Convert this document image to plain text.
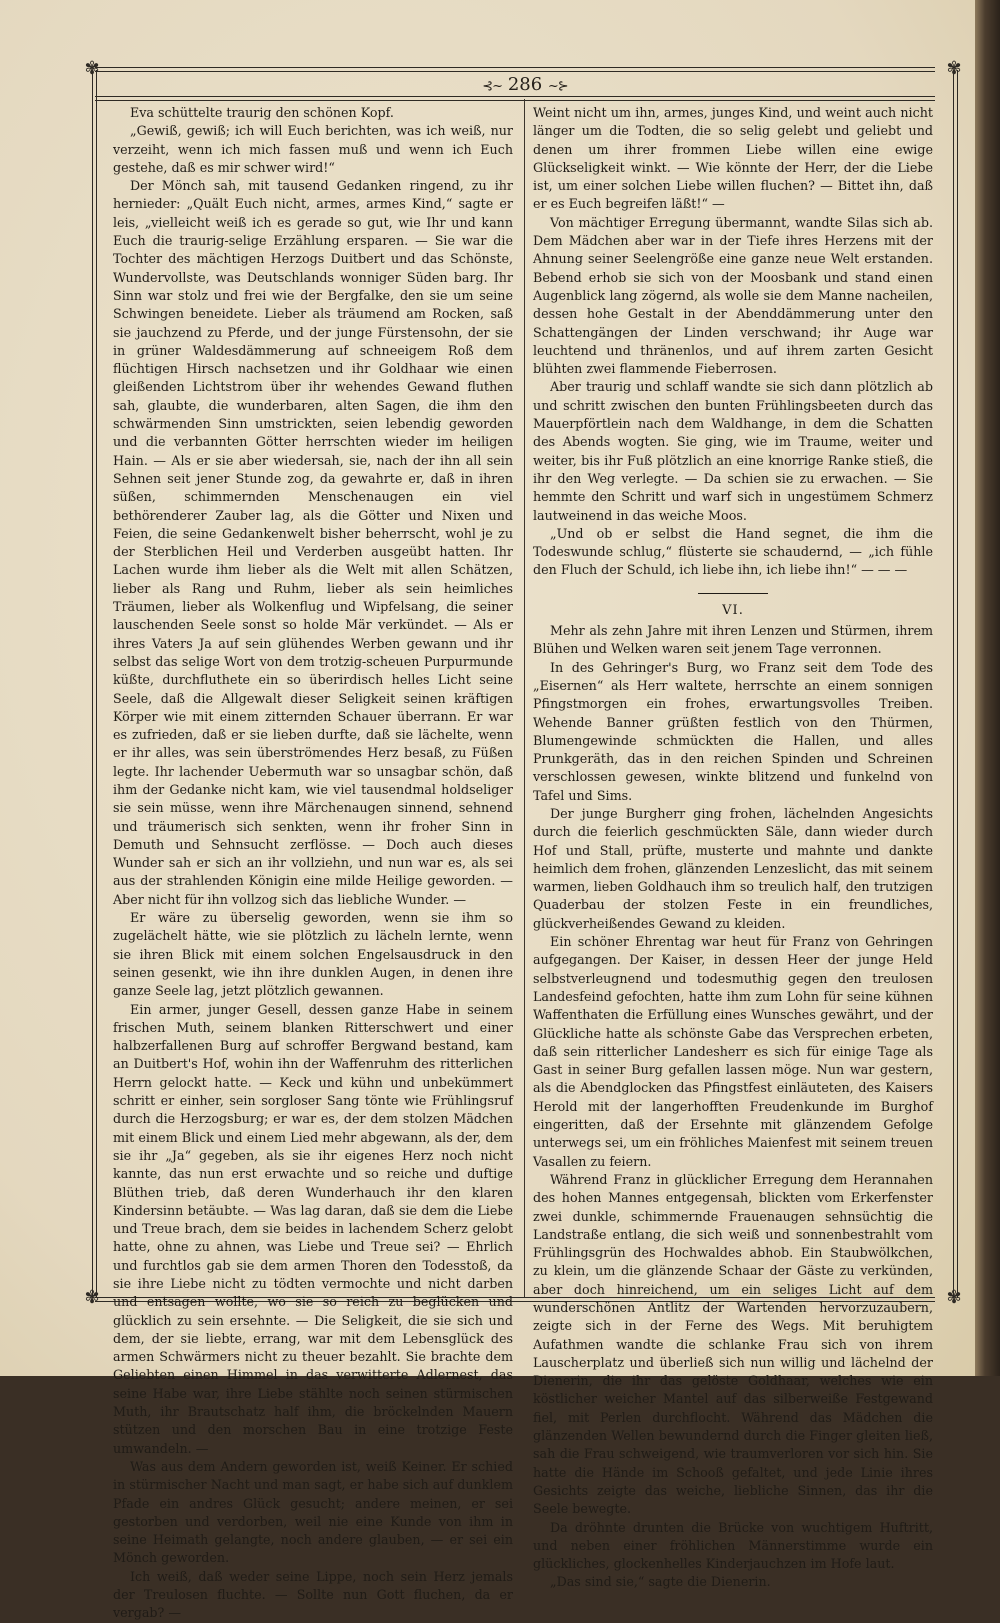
✾	✾
✾	✾
⊰~ 286 ~⊱

Eva schüttelte traurig den schönen Kopf.

„Gewiß, gewiß; ich will Euch berichten, was ich weiß, nur verzeiht, wenn ich mich fassen muß und wenn ich Euch gestehe, daß es mir schwer wird!“

Der Mönch sah, mit tausend Gedanken ringend, zu ihr hernieder: „Quält Euch nicht, armes, armes Kind,“ sagte er leis, „vielleicht weiß ich es gerade so gut, wie Ihr und kann Euch die traurig-selige Erzählung ersparen. — Sie war die Tochter des mächtigen Herzogs Duitbert und das Schönste, Wundervollste, was Deutschlands wonniger Süden barg. Ihr Sinn war stolz und frei wie der Bergfalke, den sie um seine Schwingen beneidete. Lieber als träumend am Rocken, saß sie jauchzend zu Pferde, und der junge Fürstensohn, der sie in grüner Waldesdämmerung auf schneeigem Roß dem flüchtigen Hirsch nachsetzen und ihr Goldhaar wie einen gleißenden Lichtstrom über ihr wehendes Gewand fluthen sah, glaubte, die wunderbaren, alten Sagen, die ihm den schwärmenden Sinn umstrickten, seien lebendig geworden und die verbannten Götter herrschten wieder im heiligen Hain. — Als er sie aber wiedersah, sie, nach der ihn all sein Sehnen seit jener Stunde zog, da gewahrte er, daß in ihren süßen, schimmernden Menschenaugen ein viel bethörenderer Zauber lag, als die Götter und Nixen und Feien, die seine Gedankenwelt bisher beherrscht, wohl je zu der Sterblichen Heil und Verderben ausgeübt hatten. Ihr Lachen wurde ihm lieber als die Welt mit allen Schätzen, lieber als Rang und Ruhm, lieber als sein heimliches Träumen, lieber als Wolkenflug und Wipfelsang, die seiner lauschenden Seele sonst so holde Mär verkündet. — Als er ihres Vaters Ja auf sein glühendes Werben gewann und ihr selbst das selige Wort von dem trotzig-scheuen Purpurmunde küßte, durchfluthete ein so überirdisch helles Licht seine Seele, daß die Allgewalt dieser Seligkeit seinen kräftigen Körper wie mit einem zitternden Schauer überrann. Er war es zufrieden, daß er sie lieben durfte, daß sie lächelte, wenn er ihr alles, was sein überströmendes Herz besaß, zu Füßen legte. Ihr lachender Uebermuth war so unsagbar schön, daß ihm der Gedanke nicht kam, wie viel tausendmal holdseliger sie sein müsse, wenn ihre Märchenaugen sinnend, sehnend und träumerisch sich senkten, wenn ihr froher Sinn in Demuth und Sehnsucht zerflösse. — Doch auch dieses Wunder sah er sich an ihr vollziehn, und nun war es, als sei aus der strahlenden Königin eine milde Heilige geworden. — Aber nicht für ihn vollzog sich das liebliche Wunder. —

Er wäre zu überselig geworden, wenn sie ihm so zugelächelt hätte, wie sie plötzlich zu lächeln lernte, wenn sie ihren Blick mit einem solchen Engelsausdruck in den seinen gesenkt, wie ihn ihre dunklen Augen, in denen ihre ganze Seele lag, jetzt plötzlich gewannen.

Ein armer, junger Gesell, dessen ganze Habe in seinem frischen Muth, seinem blanken Ritterschwert und einer halbzerfallenen Burg auf schroffer Bergwand bestand, kam an Duitbert's Hof, wohin ihn der Waffenruhm des ritterlichen Herrn gelockt hatte. — Keck und kühn und unbekümmert schritt er einher, sein sorgloser Sang tönte wie Frühlingsruf durch die Herzogsburg; er war es, der dem stolzen Mädchen mit einem Blick und einem Lied mehr abgewann, als der, dem sie ihr „Ja“ gegeben, als sie ihr eigenes Herz noch nicht kannte, das nun erst erwachte und so reiche und duftige Blüthen trieb, daß deren Wunderhauch ihr den klaren Kindersinn betäubte. — Was lag daran, daß sie dem die Liebe und Treue brach, dem sie beides in lachendem Scherz gelobt hatte, ohne zu ahnen, was Liebe und Treue sei? — Ehrlich und furchtlos gab sie dem armen Thoren den Todesstoß, da sie ihre Liebe nicht zu tödten vermochte und nicht darben und entsagen wollte, wo sie so reich zu beglücken und glücklich zu sein ersehnte. — Die Seligkeit, die sie sich und dem, der sie liebte, errang, war mit dem Lebensglück des armen Schwärmers nicht zu theuer bezahlt. Sie brachte dem Geliebten einen Himmel in das verwitterte Adlernest, das seine Habe war, ihre Liebe stählte noch seinen stürmischen Muth, ihr Brautschatz half ihm, die bröckelnden Mauern stützen und den morschen Bau in eine trotzige Feste umwandeln. —

Was aus dem Andern geworden ist, weiß Keiner. Er schied in stürmischer Nacht und man sagt, er habe sich auf dunklem Pfade ein andres Glück gesucht; andere meinen, er sei gestorben und verdorben, weil nie eine Kunde von ihm in seine Heimath gelangte, noch andere glauben, — er sei ein Mönch geworden.

Ich weiß, daß weder seine Lippe, noch sein Herz jemals der Treulosen fluchte. — Sollte nun Gott fluchen, da er vergab? —

Weint nicht um ihn, armes, junges Kind, und weint auch nicht länger um die Todten, die so selig gelebt und geliebt und denen um ihrer frommen Liebe willen eine ewige Glückseligkeit winkt. — Wie könnte der Herr, der die Liebe ist, um einer solchen Liebe willen fluchen? — Bittet ihn, daß er es Euch begreifen läßt!“ —

Von mächtiger Erregung übermannt, wandte Silas sich ab. Dem Mädchen aber war in der Tiefe ihres Herzens mit der Ahnung seiner Seelengröße eine ganze neue Welt erstanden. Bebend erhob sie sich von der Moosbank und stand einen Augenblick lang zögernd, als wolle sie dem Manne nacheilen, dessen hohe Gestalt in der Abenddämmerung unter den Schattengängen der Linden verschwand; ihr Auge war leuchtend und thränenlos, und auf ihrem zarten Gesicht blühten zwei flammende Fieberrosen.

Aber traurig und schlaff wandte sie sich dann plötzlich ab und schritt zwischen den bunten Frühlingsbeeten durch das Mauerpförtlein nach dem Waldhange, in dem die Schatten des Abends wogten. Sie ging, wie im Traume, weiter und weiter, bis ihr Fuß plötzlich an eine knorrige Ranke stieß, die ihr den Weg verlegte. — Da schien sie zu erwachen. — Sie hemmte den Schritt und warf sich in ungestümem Schmerz lautweinend in das weiche Moos.

„Und ob er selbst die Hand segnet, die ihm die Todeswunde schlug,“ flüsterte sie schaudernd, — „ich fühle den Fluch der Schuld, ich liebe ihn, ich liebe ihn!“ — — —

VI.

Mehr als zehn Jahre mit ihren Lenzen und Stürmen, ihrem Blühen und Welken waren seit jenem Tage verronnen.

In des Gehringer's Burg, wo Franz seit dem Tode des „Eisernen“ als Herr waltete, herrschte an einem sonnigen Pfingstmorgen ein frohes, erwartungsvolles Treiben. Wehende Banner grüßten festlich von den Thürmen, Blumengewinde schmückten die Hallen, und alles Prunkgeräth, das in den reichen Spinden und Schreinen verschlossen gewesen, winkte blitzend und funkelnd von Tafel und Sims.

Der junge Burgherr ging frohen, lächelnden Angesichts durch die feierlich geschmückten Säle, dann wieder durch Hof und Stall, prüfte, musterte und mahnte und dankte heimlich dem frohen, glänzenden Lenzeslicht, das mit seinem warmen, lieben Goldhauch ihm so treulich half, den trutzigen Quaderbau der stolzen Feste in ein freundliches, glückverheißendes Gewand zu kleiden.

Ein schöner Ehrentag war heut für Franz von Gehringen aufgegangen. Der Kaiser, in dessen Heer der junge Held selbstverleugnend und todesmuthig gegen den treulosen Landesfeind gefochten, hatte ihm zum Lohn für seine kühnen Waffenthaten die Erfüllung eines Wunsches gewährt, und der Glückliche hatte als schönste Gabe das Versprechen erbeten, daß sein ritterlicher Landesherr es sich für einige Tage als Gast in seiner Burg gefallen lassen möge. Nun war gestern, als die Abendglocken das Pfingstfest einläuteten, des Kaisers Herold mit der langerhofften Freudenkunde im Burghof eingeritten, daß der Ersehnte mit glänzendem Gefolge unterwegs sei, um ein fröhliches Maienfest mit seinem treuen Vasallen zu feiern.

Während Franz in glücklicher Erregung dem Herannahen des hohen Mannes entgegensah, blickten vom Erkerfenster zwei dunkle, schimmernde Frauenaugen sehnsüchtig die Landstraße entlang, die sich weiß und sonnenbestrahlt vom Frühlingsgrün des Hochwaldes abhob. Ein Staubwölkchen, zu klein, um die glänzende Schaar der Gäste zu verkünden, aber doch hinreichend, um ein seliges Licht auf dem wunderschönen Antlitz der Wartenden hervorzuzaubern, zeigte sich in der Ferne des Wegs. Mit beruhigtem Aufathmen wandte die schlanke Frau sich von ihrem Lauscherplatz und überließ sich nun willig und lächelnd der Dienerin, die ihr das gelöste Goldhaar, welches wie ein köstlicher weicher Mantel auf das silberweiße Festgewand fiel, mit Perlen durchflocht. Während das Mädchen die glänzenden Wellen bewundernd durch die Finger gleiten ließ, sah die Frau schweigend, wie traumverloren vor sich hin. Sie hatte die Hände im Schooß gefaltet, und jede Linie ihres Gesichts zeigte das weiche, liebliche Sinnen, das ihr die Seele bewegte.

Da dröhnte drunten die Brücke von wuchtigem Huftritt, und neben einer fröhlichen Männerstimme wurde ein glückliches, glockenhelles Kinderjauchzen im Hofe laut.

„Das sind sie,“ sagte die Dienerin.
